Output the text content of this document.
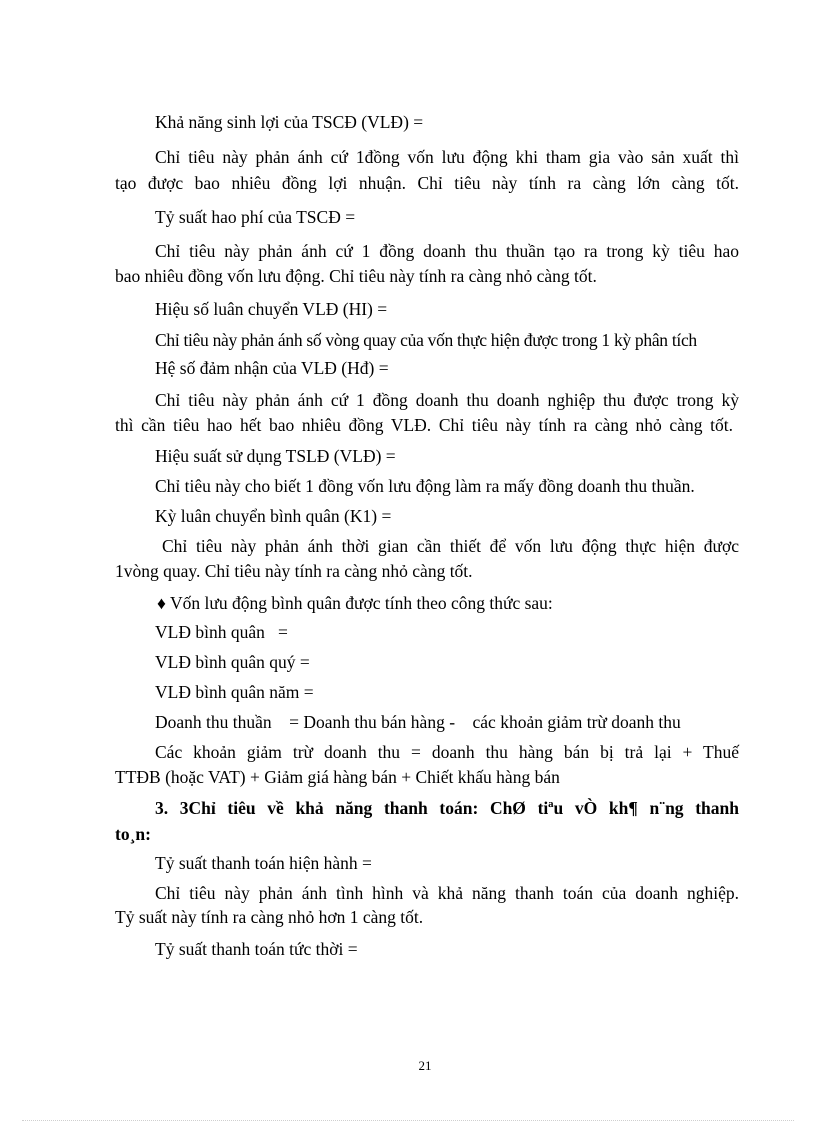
Khả năng sinh lợi của TSCĐ (VLĐ) =
Chỉ tiêu này phản ánh cứ 1đồng vốn lưu động khi tham gia vào sản xuất thì
tạo được bao nhiêu đồng lợi nhuận. Chỉ tiêu này tính ra càng lớn càng tốt.
Tỷ suất hao phí của TSCĐ =
Chỉ tiêu này phản ánh cứ 1 đồng doanh thu thuần tạo ra trong kỳ tiêu hao
bao nhiêu đồng vốn lưu động. Chỉ tiêu này tính ra càng nhỏ càng tốt.
Hiệu số luân chuyển VLĐ (HI) =
Chỉ tiêu này phản ánh số vòng quay của vốn thực hiện được trong 1 kỳ phân tích
Hệ số đảm nhận của VLĐ (Hđ) =
Chỉ tiêu này phản ánh cứ 1 đồng doanh thu doanh nghiệp thu được trong kỳ
thì cần tiêu hao hết bao nhiêu đồng VLĐ. Chỉ tiêu này tính ra càng nhỏ càng tốt.
Hiệu suất sử dụng TSLĐ (VLĐ) =
Chỉ tiêu này cho biết 1 đồng vốn lưu động làm ra mấy đồng doanh thu thuần.
Kỳ luân chuyển bình quân (K1) =
Chỉ tiêu này phản ánh thời gian cần thiết để vốn lưu động thực hiện được
1vòng quay. Chỉ tiêu này tính ra càng nhỏ càng tốt.
♦ Vốn lưu động bình quân được tính theo công thức sau:
VLĐ bình quân   =
VLĐ bình quân quý =
VLĐ bình quân năm =
Doanh thu thuần    = Doanh thu bán hàng -    các khoản giảm trừ doanh thu
Các khoản giảm trừ doanh thu = doanh thu hàng bán bị trả lại + Thuế
TTĐB (hoặc VAT) + Giảm giá hàng bán + Chiết khấu hàng bán
3. 3Chỉ tiêu về khả năng thanh toán: ChØ tiªu vÒ kh¶ n¨ng thanh
to¸n:
Tỷ suất thanh toán hiện hành =
Chỉ tiêu này phản ánh tình hình và khả năng thanh toán của doanh nghiệp.
Tỷ suất này tính ra càng nhỏ hơn 1 càng tốt.
Tỷ suất thanh toán tức thời =
21
